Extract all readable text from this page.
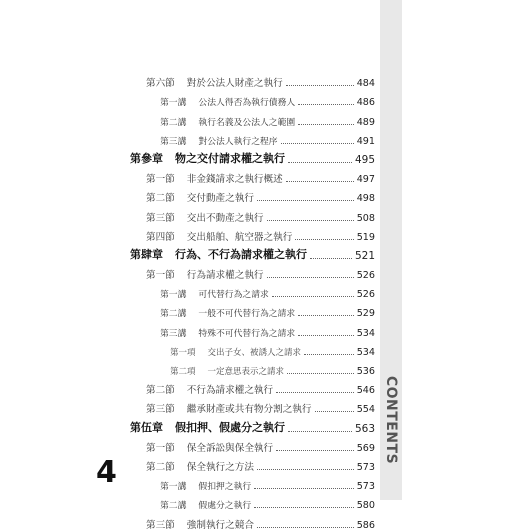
CONTENTS
第六節 對於公法人財產之執行	484
第一講 公法人得否為執行債務人	486
第二講 執行名義及公法人之範圍	489
第三講 對公法人執行之程序	491
第參章 物之交付請求權之執行	495
第一節 非金錢請求之執行概述	497
第二節 交付動產之執行	498
第三節 交出不動產之執行	508
第四節 交出船舶、航空器之執行	519
第肆章 行為、不行為請求權之執行	521
第一節 行為請求權之執行	526
第一講 可代替行為之請求	526
第二講 一般不可代替行為之請求	529
第三講 特殊不可代替行為之請求	534
第一項 交出子女、被誘人之請求	534
第二項 一定意思表示之請求	536
第二節 不行為請求權之執行	546
第三節 繼承財產或共有物分割之執行	554
第伍章 假扣押、假處分之執行	563
第一節 保全訴訟與保全執行	569
第二節 保全執行之方法	573
第一講 假扣押之執行	573
第二講 假處分之執行	580
第三節 強制執行之競合	586
4
